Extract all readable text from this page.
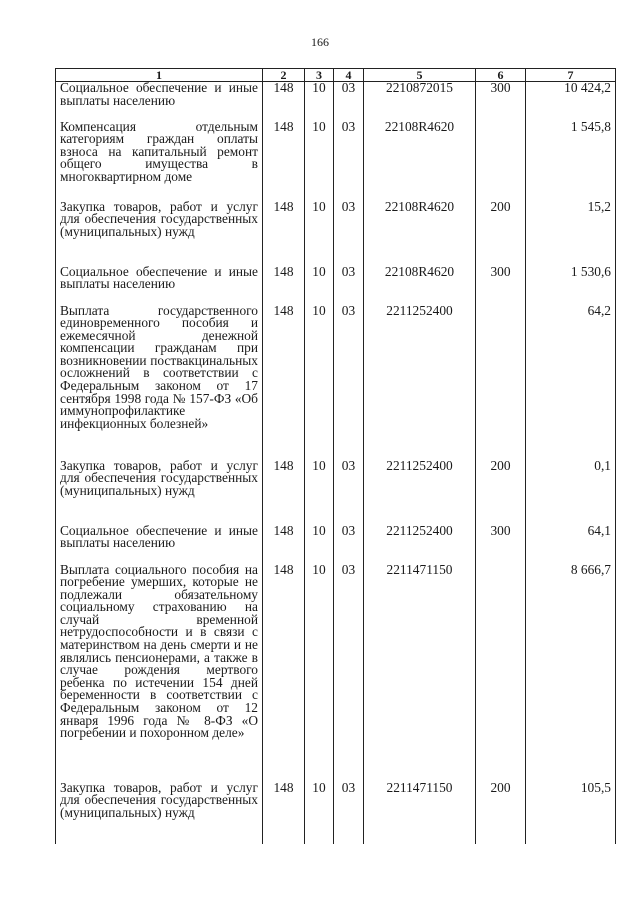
166
1	2	3	4	5	6	7
Социальное обеспечение и иные выплаты населению	148	10	03	2210872015	300	10 424,2
Компенсация отдельным категориям граждан оплаты взноса на капитальный ремонт общего имущества в многоквартирном доме	148	10	03	22108R4620		1 545,8
Закупка товаров, работ и услуг для обеспечения государственных (муниципальных) нужд	148	10	03	22108R4620	200	15,2
Социальное обеспечение и иные выплаты населению	148	10	03	22108R4620	300	1 530,6
Выплата государственного единовременного пособия и ежемесячной денежной компенсации гражданам при возникновении поствакцинальных осложнений в соответствии с Федеральным законом от 17 сентября 1998 года № 157-ФЗ «Об иммунопрофилактике инфекционных болезней»	148	10	03	2211252400		64,2
Закупка товаров, работ и услуг для обеспечения государственных (муниципальных) нужд	148	10	03	2211252400	200	0,1
Социальное обеспечение и иные выплаты населению	148	10	03	2211252400	300	64,1
Выплата социального пособия на погребение умерших, которые не подлежали обязательному социальному страхованию на случай временной нетрудоспособности и в связи с материнством на день смерти и не являлись пенсионерами, а также в случае рождения мертвого ребенка по истечении 154 дней беременности в соответствии с Федеральным законом от 12 января 1996 года № 8-ФЗ «О погребении и похоронном деле»	148	10	03	2211471150		8 666,7
Закупка товаров, работ и услуг для обеспечения государственных (муниципальных) нужд	148	10	03	2211471150	200	105,5
